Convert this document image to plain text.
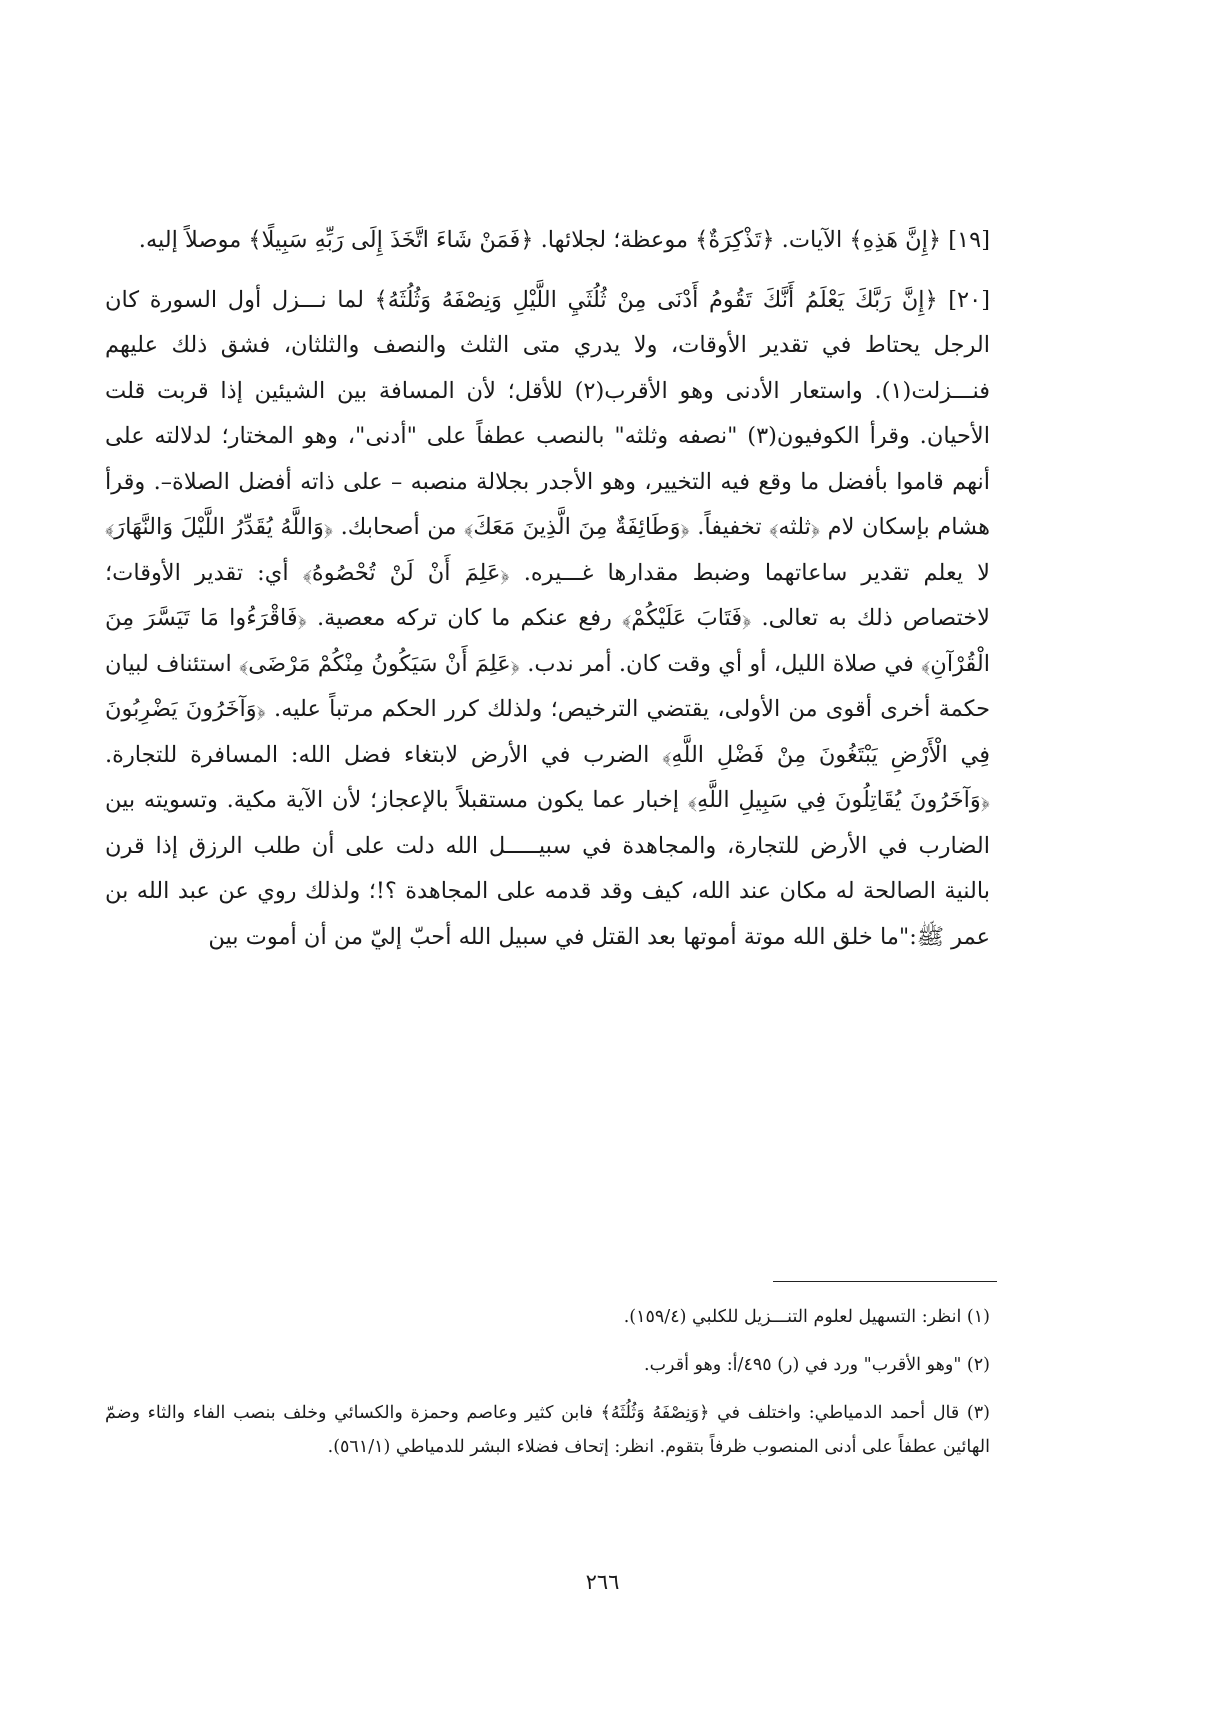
[١٩] ﴿إِنَّ هَذِهِ﴾ الآيات. ﴿تَذْكِرَةٌ﴾ موعظة؛ لجلائها. ﴿فَمَنْ شَاءَ اتَّخَذَ إِلَى رَبِّهِ سَبِيلًا﴾ موصلاً إليه.

[٢٠] ﴿إِنَّ رَبَّكَ يَعْلَمُ أَنَّكَ تَقُومُ أَدْنَى مِنْ ثُلُثَيِ اللَّيْلِ وَنِصْفَهُ وَثُلُثَهُ﴾ لما نـــزل أول السورة كان الرجل يحتاط في تقدير الأوقات، ولا يدري متى الثلث والنصف والثلثان، فشق ذلك عليهم فنـــزلت(١). واستعار الأدنى وهو الأقرب(٢) للأقل؛ لأن المسافة بين الشيئين إذا قربت قلت الأحيان. وقرأ الكوفيون(٣) "نصفه وثلثه" بالنصب عطفاً على "أدنى"، وهو المختار؛ لدلالته على أنهم قاموا بأفضل ما وقع فيه التخيير، وهو الأجدر بجلالة منصبه – على ذاته أفضل الصلاة–. وقرأ هشام بإسكان لام ﴿ثلثه﴾ تخفيفاً. ﴿وَطَائِفَةٌ مِنَ الَّذِينَ مَعَكَ﴾ من أصحابك. ﴿وَاللَّهُ يُقَدِّرُ اللَّيْلَ وَالنَّهَارَ﴾ لا يعلم تقدير ساعاتهما وضبط مقدارها غـــيره. ﴿عَلِمَ أَنْ لَنْ تُحْصُوهُ﴾ أي: تقدير الأوقات؛ لاختصاص ذلك به تعالى. ﴿فَتَابَ عَلَيْكُمْ﴾ رفع عنكم ما كان تركه معصية. ﴿فَاقْرَءُوا مَا تَيَسَّرَ مِنَ الْقُرْآنِ﴾ في صلاة الليل، أو أي وقت كان. أمر ندب. ﴿عَلِمَ أَنْ سَيَكُونُ مِنْكُمْ مَرْضَى﴾ استئناف لبيان حكمة أخرى أقوى من الأولى، يقتضي الترخيص؛ ولذلك كرر الحكم مرتباً عليه. ﴿وَآخَرُونَ يَضْرِبُونَ فِي الْأَرْضِ يَبْتَغُونَ مِنْ فَضْلِ اللَّهِ﴾ الضرب في الأرض لابتغاء فضل الله: المسافرة للتجارة. ﴿وَآخَرُونَ يُقَاتِلُونَ فِي سَبِيلِ اللَّهِ﴾ إخبار عما يكون مستقبلاً بالإعجاز؛ لأن الآية مكية. وتسويته بين الضارب في الأرض للتجارة، والمجاهدة في سبيـــــل الله دلت على أن طلب الرزق إذا قرن بالنية الصالحة له مكان عند الله، كيف وقد قدمه على المجاهدة ؟!؛ ولذلك روي عن عبد الله بن عمر ﷺ:"ما خلق الله موتة أموتها بعد القتل في سبيل الله أحبّ إليّ من أن أموت بين

(١) انظر: التسهيل لعلوم التنـــزيل للكلبي (١٥٩/٤).

(٢) "وهو الأقرب" ورد في (ر) ٤٩٥/أ: وهو أقرب.

(٣) قال أحمد الدمياطي: واختلف في ﴿وَنِصْفَهُ وَثُلُثَهُ﴾ فابن كثير وعاصم وحمزة والكسائي وخلف بنصب الفاء والثاء وضمّ الهائين عطفاً على أدنى المنصوب ظرفاً بتقوم. انظر: إتحاف فضلاء البشر للدمياطي (٥٦١/١).

٢٦٦
